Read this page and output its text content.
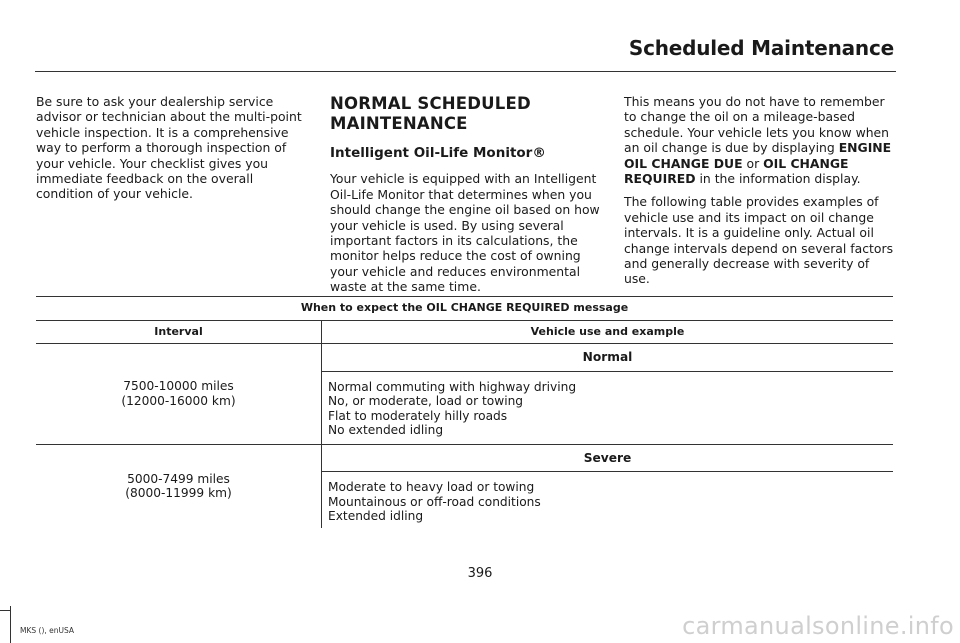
Scheduled Maintenance

Be sure to ask your dealership service advisor or technician about the multi-point vehicle inspection. It is a comprehensive way to perform a thorough inspection of your vehicle. Your checklist gives you immediate feedback on the overall condition of your vehicle.

NORMAL SCHEDULED MAINTENANCE
Intelligent Oil-Life Monitor®

Your vehicle is equipped with an Intelligent Oil-Life Monitor that determines when you should change the engine oil based on how your vehicle is used. By using several important factors in its calculations, the monitor helps reduce the cost of owning your vehicle and reduces environmental waste at the same time.

This means you do not have to remember to change the oil on a mileage-based schedule. Your vehicle lets you know when an oil change is due by displaying ENGINE OIL CHANGE DUE or OIL CHANGE REQUIRED in the information display.

The following table provides examples of vehicle use and its impact on oil change intervals. It is a guideline only. Actual oil change intervals depend on several factors and generally decrease with severity of use.

When to expect the OIL CHANGE REQUIRED message	
Interval	Vehicle use and example

7500-10000 miles
(12000-16000 km)	Normal

	Normal commuting with highway driving
No, or moderate, load or towing
Flat to moderately hilly roads
No extended idling

5000-7499 miles
(8000-11999 km)	Severe

	Moderate to heavy load or towing
Mountainous or off-road conditions
Extended idling
396
MKS (), enUSA	carmanualsonline.info
